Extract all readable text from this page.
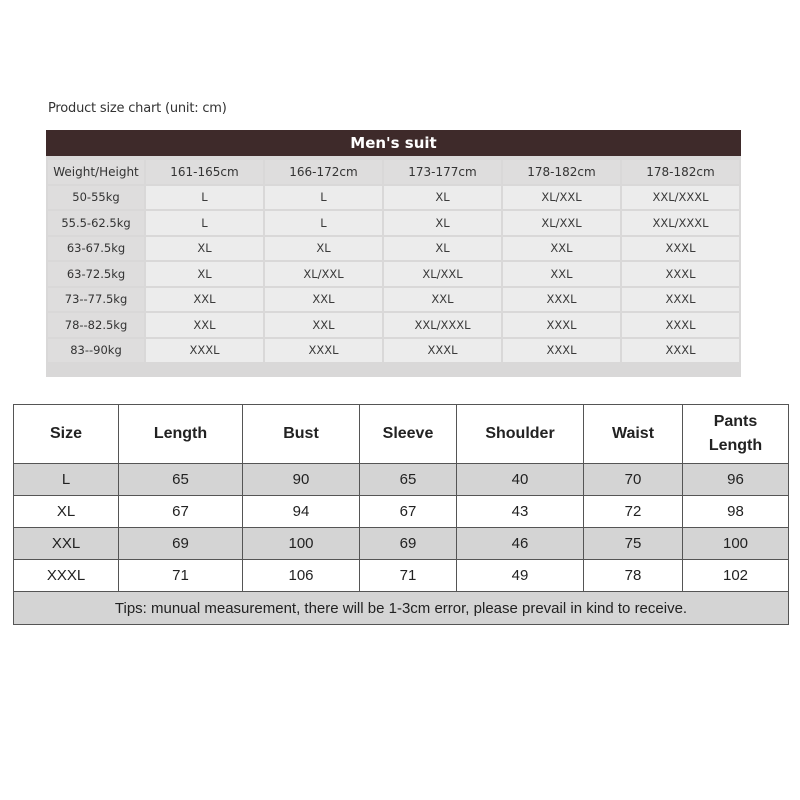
Product size chart (unit: cm)
Men's suit
Weight/Height	161-165cm	166-172cm	173-177cm	178-182cm	178-182cm
50-55kg	L	L	XL	XL/XXL	XXL/XXXL
55.5-62.5kg	L	L	XL	XL/XXL	XXL/XXXL
63-67.5kg	XL	XL	XL	XXL	XXXL
63-72.5kg	XL	XL/XXL	XL/XXL	XXL	XXXL
73--77.5kg	XXL	XXL	XXL	XXXL	XXXL
78--82.5kg	XXL	XXL	XXL/XXXL	XXXL	XXXL
83--90kg	XXXL	XXXL	XXXL	XXXL	XXXL
Size	Length	Bust	Sleeve	Shoulder	Waist	Pants Length
L	65	90	65	40	70	96
XL	67	94	67	43	72	98
XXL	69	100	69	46	75	100
XXXL	71	106	71	49	78	102
Tips: munual measurement, there will be 1-3cm error, please prevail in kind to receive.						
